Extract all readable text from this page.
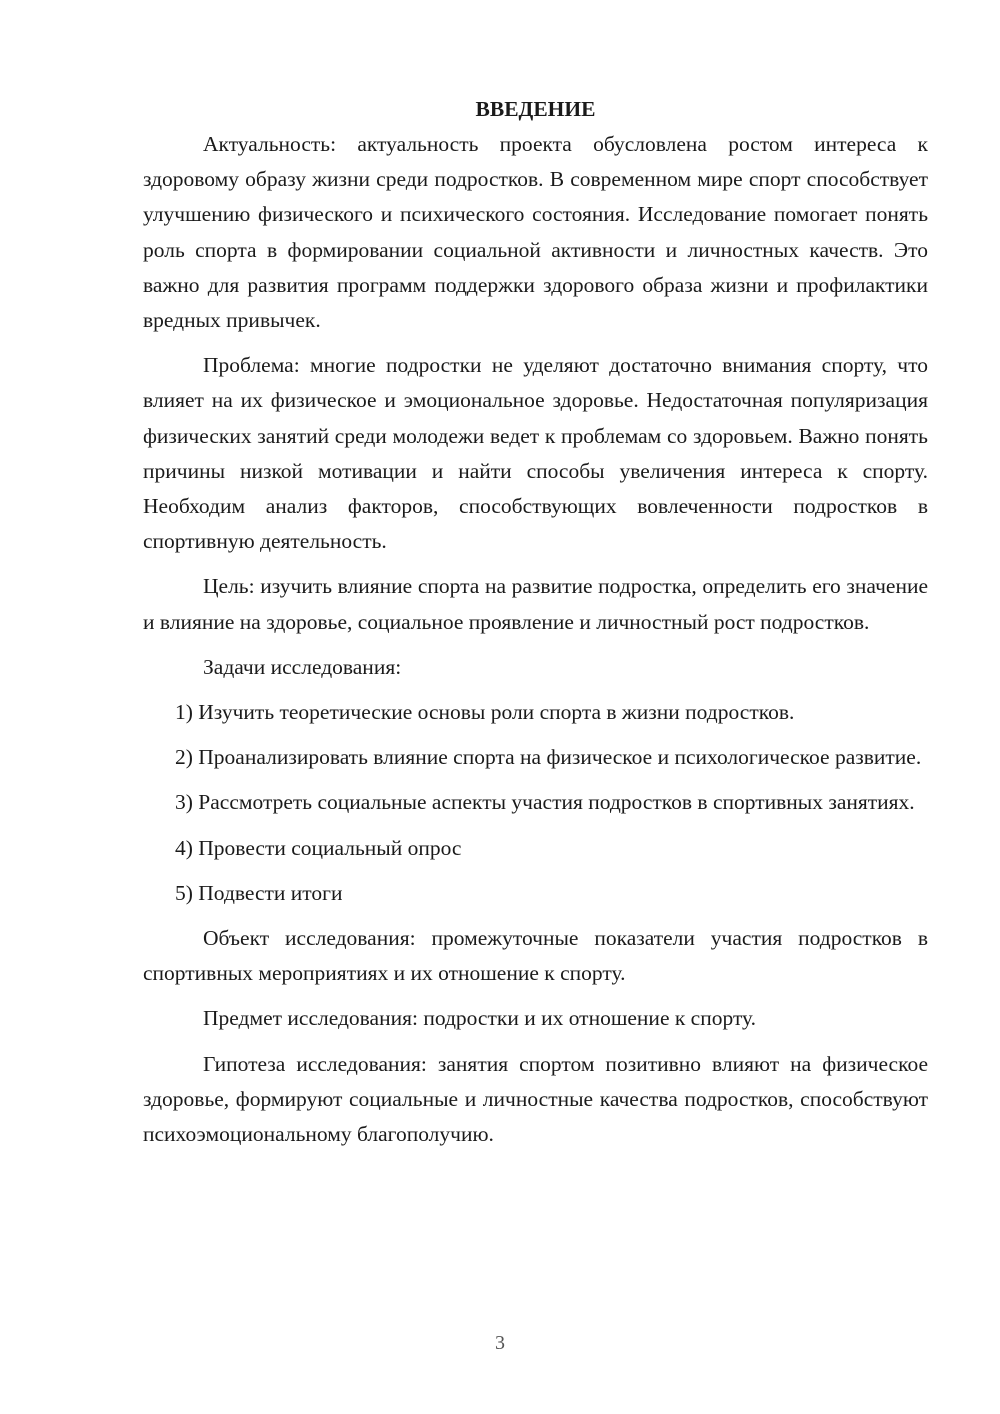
ВВЕДЕНИЕ

Актуальность: актуальность проекта обусловлена ростом интереса к здоровому образу жизни среди подростков. В современном мире спорт способствует улучшению физического и психического состояния. Исследование помогает понять роль спорта в формировании социальной активности и личностных качеств. Это важно для развития программ поддержки здорового образа жизни и профилактики вредных привычек.

Проблема: многие подростки не уделяют достаточно внимания спорту, что влияет на их физическое и эмоциональное здоровье. Недостаточная популяризация физических занятий среди молодежи ведет к проблемам со здоровьем. Важно понять причины низкой мотивации и найти способы увеличения интереса к спорту. Необходим анализ факторов, способствующих вовлеченности подростков в спортивную деятельность.

Цель: изучить влияние спорта на развитие подростка, определить его значение и влияние на здоровье, социальное проявление и личностный рост подростков.

Задачи исследования:

1) Изучить теоретические основы роли спорта в жизни подростков.

2) Проанализировать влияние спорта на физическое и психологическое развитие.

3) Рассмотреть социальные аспекты участия подростков в спортивных занятиях.

4) Провести социальный опрос

5) Подвести итоги

Объект исследования: промежуточные показатели участия подростков в спортивных мероприятиях и их отношение к спорту.

Предмет исследования: подростки и их отношение к спорту.

Гипотеза исследования: занятия спортом позитивно влияют на физическое здоровье, формируют социальные и личностные качества подростков, способствуют психоэмоциональному благополучию.

3
